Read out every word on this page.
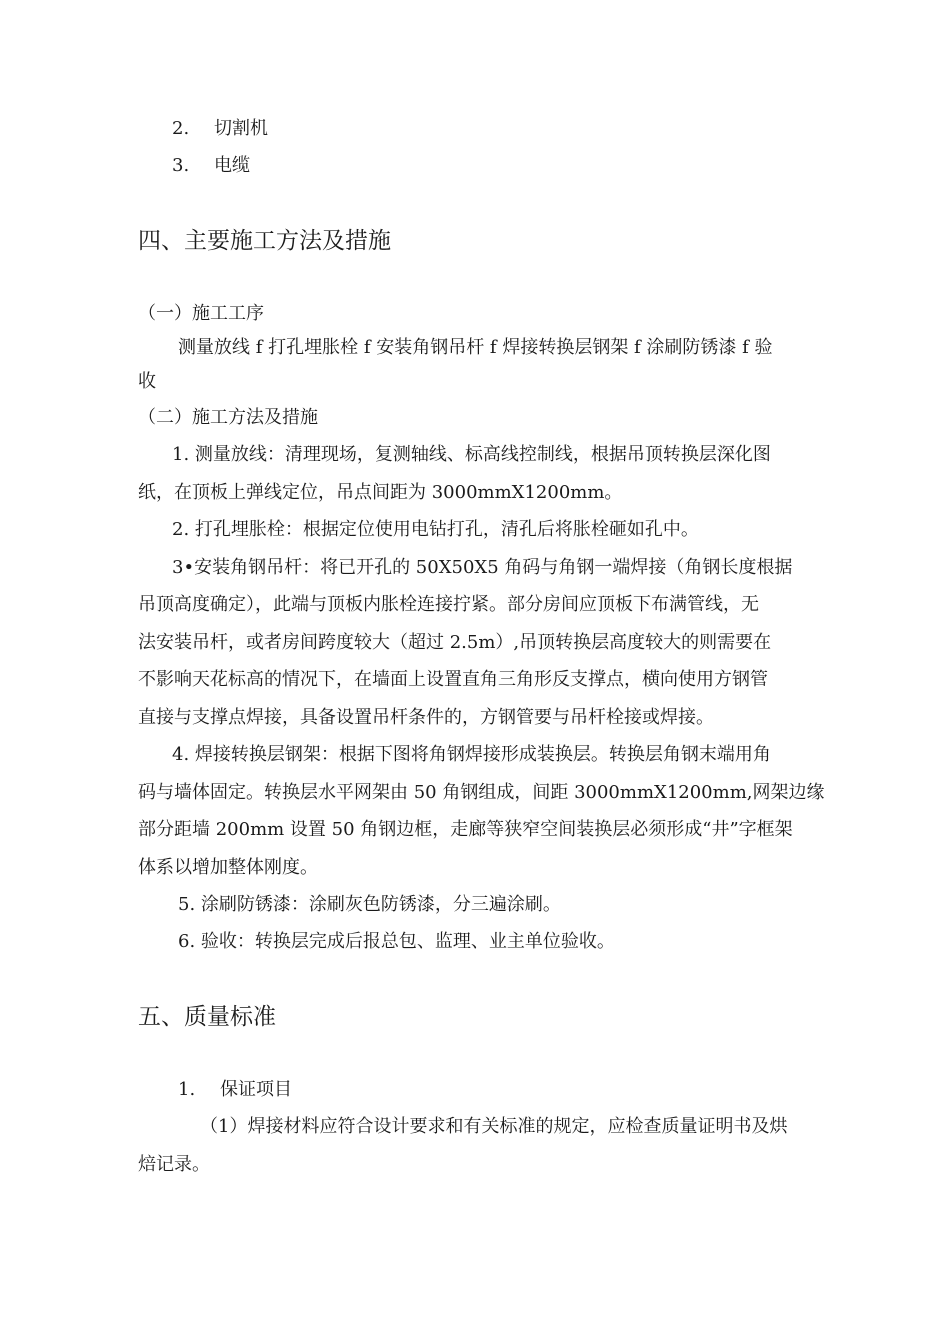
2. 切割机
3. 电缆
四、主要施工方法及措施
（一）施工工序
测量放线 f 打孔埋胀栓 f 安装角钢吊杆 f 焊接转换层钢架 f 涂刷防锈漆 f 验
收
（二）施工方法及措施
1. 测量放线：清理现场，复测轴线、标高线控制线，根据吊顶转换层深化图
纸，在顶板上弹线定位，吊点间距为 3000mmX1200mm。
2. 打孔埋胀栓：根据定位使用电钻打孔，清孔后将胀栓砸如孔中。
3•安装角钢吊杆：将已开孔的 50X50X5 角码与角钢一端焊接（角钢长度根据
吊顶高度确定），此端与顶板内胀栓连接拧紧。部分房间应顶板下布满管线，无
法安装吊杆，或者房间跨度较大（超过 2.5m）,吊顶转换层高度较大的则需要在
不影响天花标高的情况下，在墙面上设置直角三角形反支撑点，横向使用方钢管
直接与支撑点焊接，具备设置吊杆条件的，方钢管要与吊杆栓接或焊接。
4. 焊接转换层钢架：根据下图将角钢焊接形成装换层。转换层角钢末端用角
码与墙体固定。转换层水平网架由 50 角钢组成，间距 3000mmX1200mm,网架边缘
部分距墙 200mm 设置 50 角钢边框，走廊等狭窄空间装换层必须形成“井”字框架
体系以增加整体刚度。
5. 涂刷防锈漆：涂刷灰色防锈漆，分三遍涂刷。
6. 验收：转换层完成后报总包、监理、业主单位验收。
五、质量标准
1. 保证项目
（1）焊接材料应符合设计要求和有关标准的规定，应检查质量证明书及烘
焙记录。
